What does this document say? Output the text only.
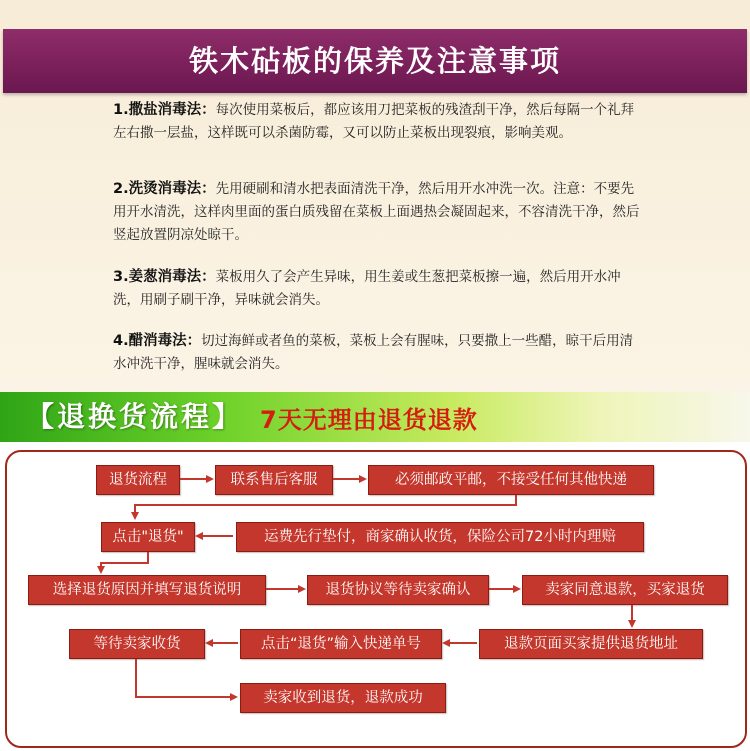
铁木砧板的保养及注意事项
1.撒盐消毒法：每次使用菜板后，都应该用刀把菜板的残渣刮干净，然后每隔一个礼拜左右撒一层盐，这样既可以杀菌防霉，又可以防止菜板出现裂痕，影响美观。
2.洗烫消毒法：先用硬刷和清水把表面清洗干净，然后用开水冲洗一次。注意：不要先用开水清洗，这样肉里面的蛋白质残留在菜板上面遇热会凝固起来，不容清洗干净，然后竖起放置阴凉处晾干。
3.姜葱消毒法：菜板用久了会产生异味，用生姜或生葱把菜板擦一遍，然后用开水冲洗，用刷子刷干净，异味就会消失。
4.醋消毒法：切过海鲜或者鱼的菜板，菜板上会有腥味，只要撒上一些醋，晾干后用清水冲洗干净，腥味就会消失。
【退换货流程】 7天无理由退货退款
退货流程	联系售后客服	必须邮政平邮，不接受任何其他快递
点击"退货"	运费先行垫付，商家确认收货，保险公司72小时内理赔
选择退货原因并填写退货说明	退货协议等待卖家确认	卖家同意退款，买家退货
等待卖家收货	点击“退货”输入快递单号	退款页面买家提供退货地址
卖家收到退货，退款成功
